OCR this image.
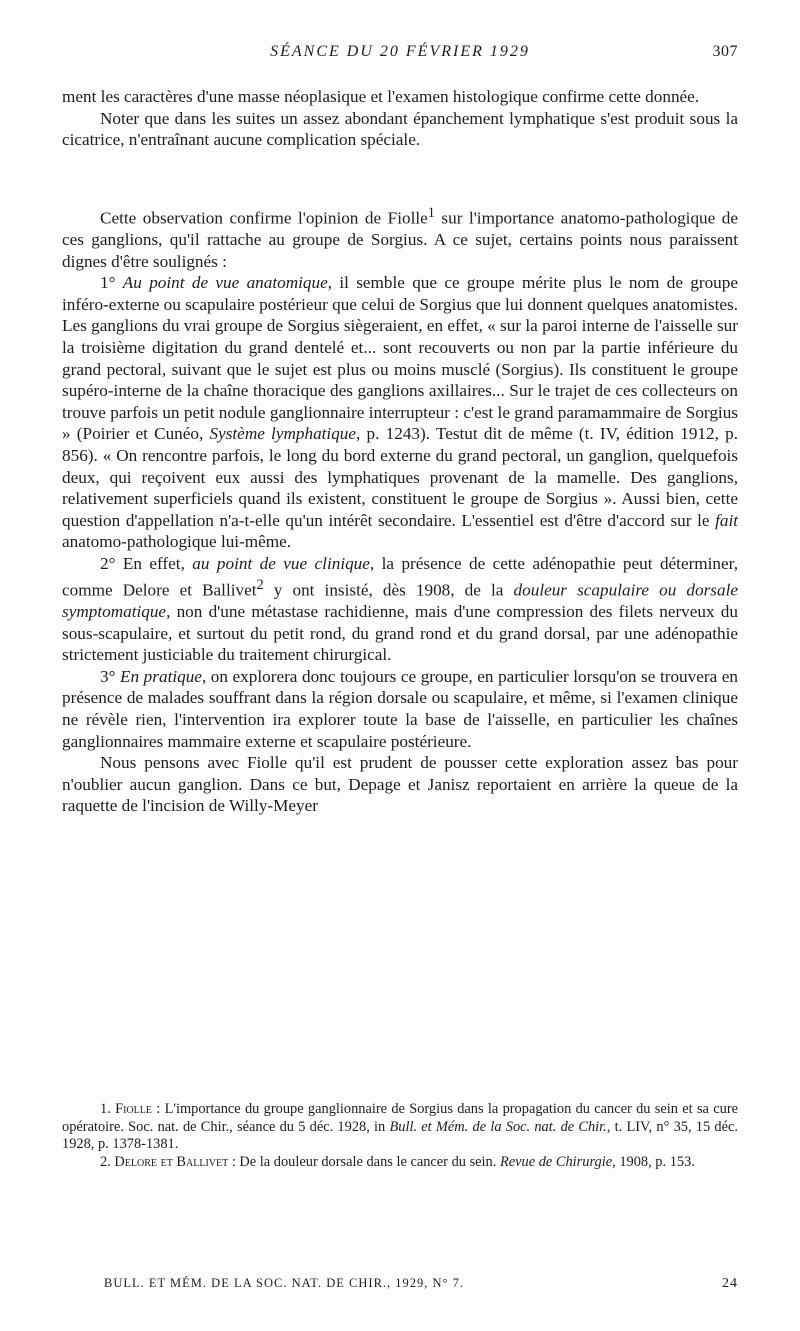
SÉANCE DU 20 FÉVRIER 1929	307

ment les caractères d'une masse néoplasique et l'examen histologique confirme cette donnée.

Noter que dans les suites un assez abondant épanchement lymphatique s'est produit sous la cicatrice, n'entraînant aucune complication spéciale.

Cette observation confirme l'opinion de Fiolle$^1$ sur l'importance anatomo-pathologique de ces ganglions, qu'il rattache au groupe de Sorgius. A ce sujet, certains points nous paraissent dignes d'être soulignés :

1° Au point de vue anatomique, il semble que ce groupe mérite plus le nom de groupe inféro-externe ou scapulaire postérieur que celui de Sorgius que lui donnent quelques anatomistes. Les ganglions du vrai groupe de Sorgius siègeraient, en effet, « sur la paroi interne de l'aisselle sur la troisième digitation du grand dentelé et... sont recouverts ou non par la partie inférieure du grand pectoral, suivant que le sujet est plus ou moins musclé (Sorgius). Ils constituent le groupe supéro-interne de la chaîne thoracique des ganglions axillaires... Sur le trajet de ces collecteurs on trouve parfois un petit nodule ganglionnaire interrupteur : c'est le grand paramammaire de Sorgius » (Poirier et Cunéo, Système lymphatique, p. 1243). Testut dit de même (t. IV, édition 1912, p. 856). « On rencontre parfois, le long du bord externe du grand pectoral, un ganglion, quelquefois deux, qui reçoivent eux aussi des lymphatiques provenant de la mamelle. Des ganglions, relativement superficiels quand ils existent, constituent le groupe de Sorgius ». Aussi bien, cette question d'appellation n'a-t-elle qu'un intérêt secondaire. L'essentiel est d'être d'accord sur le fait anatomo-pathologique lui-même.

2° En effet, au point de vue clinique, la présence de cette adénopathie peut déterminer, comme Delore et Ballivet$^2$ y ont insisté, dès 1908, de la douleur scapulaire ou dorsale symptomatique, non d'une métastase rachidienne, mais d'une compression des filets nerveux du sous-scapulaire, et surtout du petit rond, du grand rond et du grand dorsal, par une adénopathie strictement justiciable du traitement chirurgical.

3° En pratique, on explorera donc toujours ce groupe, en particulier lorsqu'on se trouvera en présence de malades souffrant dans la région dorsale ou scapulaire, et même, si l'examen clinique ne révèle rien, l'intervention ira explorer toute la base de l'aisselle, en particulier les chaînes ganglionnaires mammaire externe et scapulaire postérieure.

Nous pensons avec Fiolle qu'il est prudent de pousser cette exploration assez bas pour n'oublier aucun ganglion. Dans ce but, Depage et Janisz reportaient en arrière la queue de la raquette de l'incision de Willy-Meyer

1. Fiolle : L'importance du groupe ganglionnaire de Sorgius dans la propagation du cancer du sein et sa cure opératoire. Soc. nat. de Chir., séance du 5 déc. 1928, in Bull. et Mém. de la Soc. nat. de Chir., t. LIV, n° 35, 15 déc. 1928, p. 1378-1381.

2. Delore et Ballivet : De la douleur dorsale dans le cancer du sein. Revue de Chirurgie, 1908, p. 153.

BULL. ET MÉM. DE LA SOC. NAT. DE CHIR., 1929, N° 7.	24
